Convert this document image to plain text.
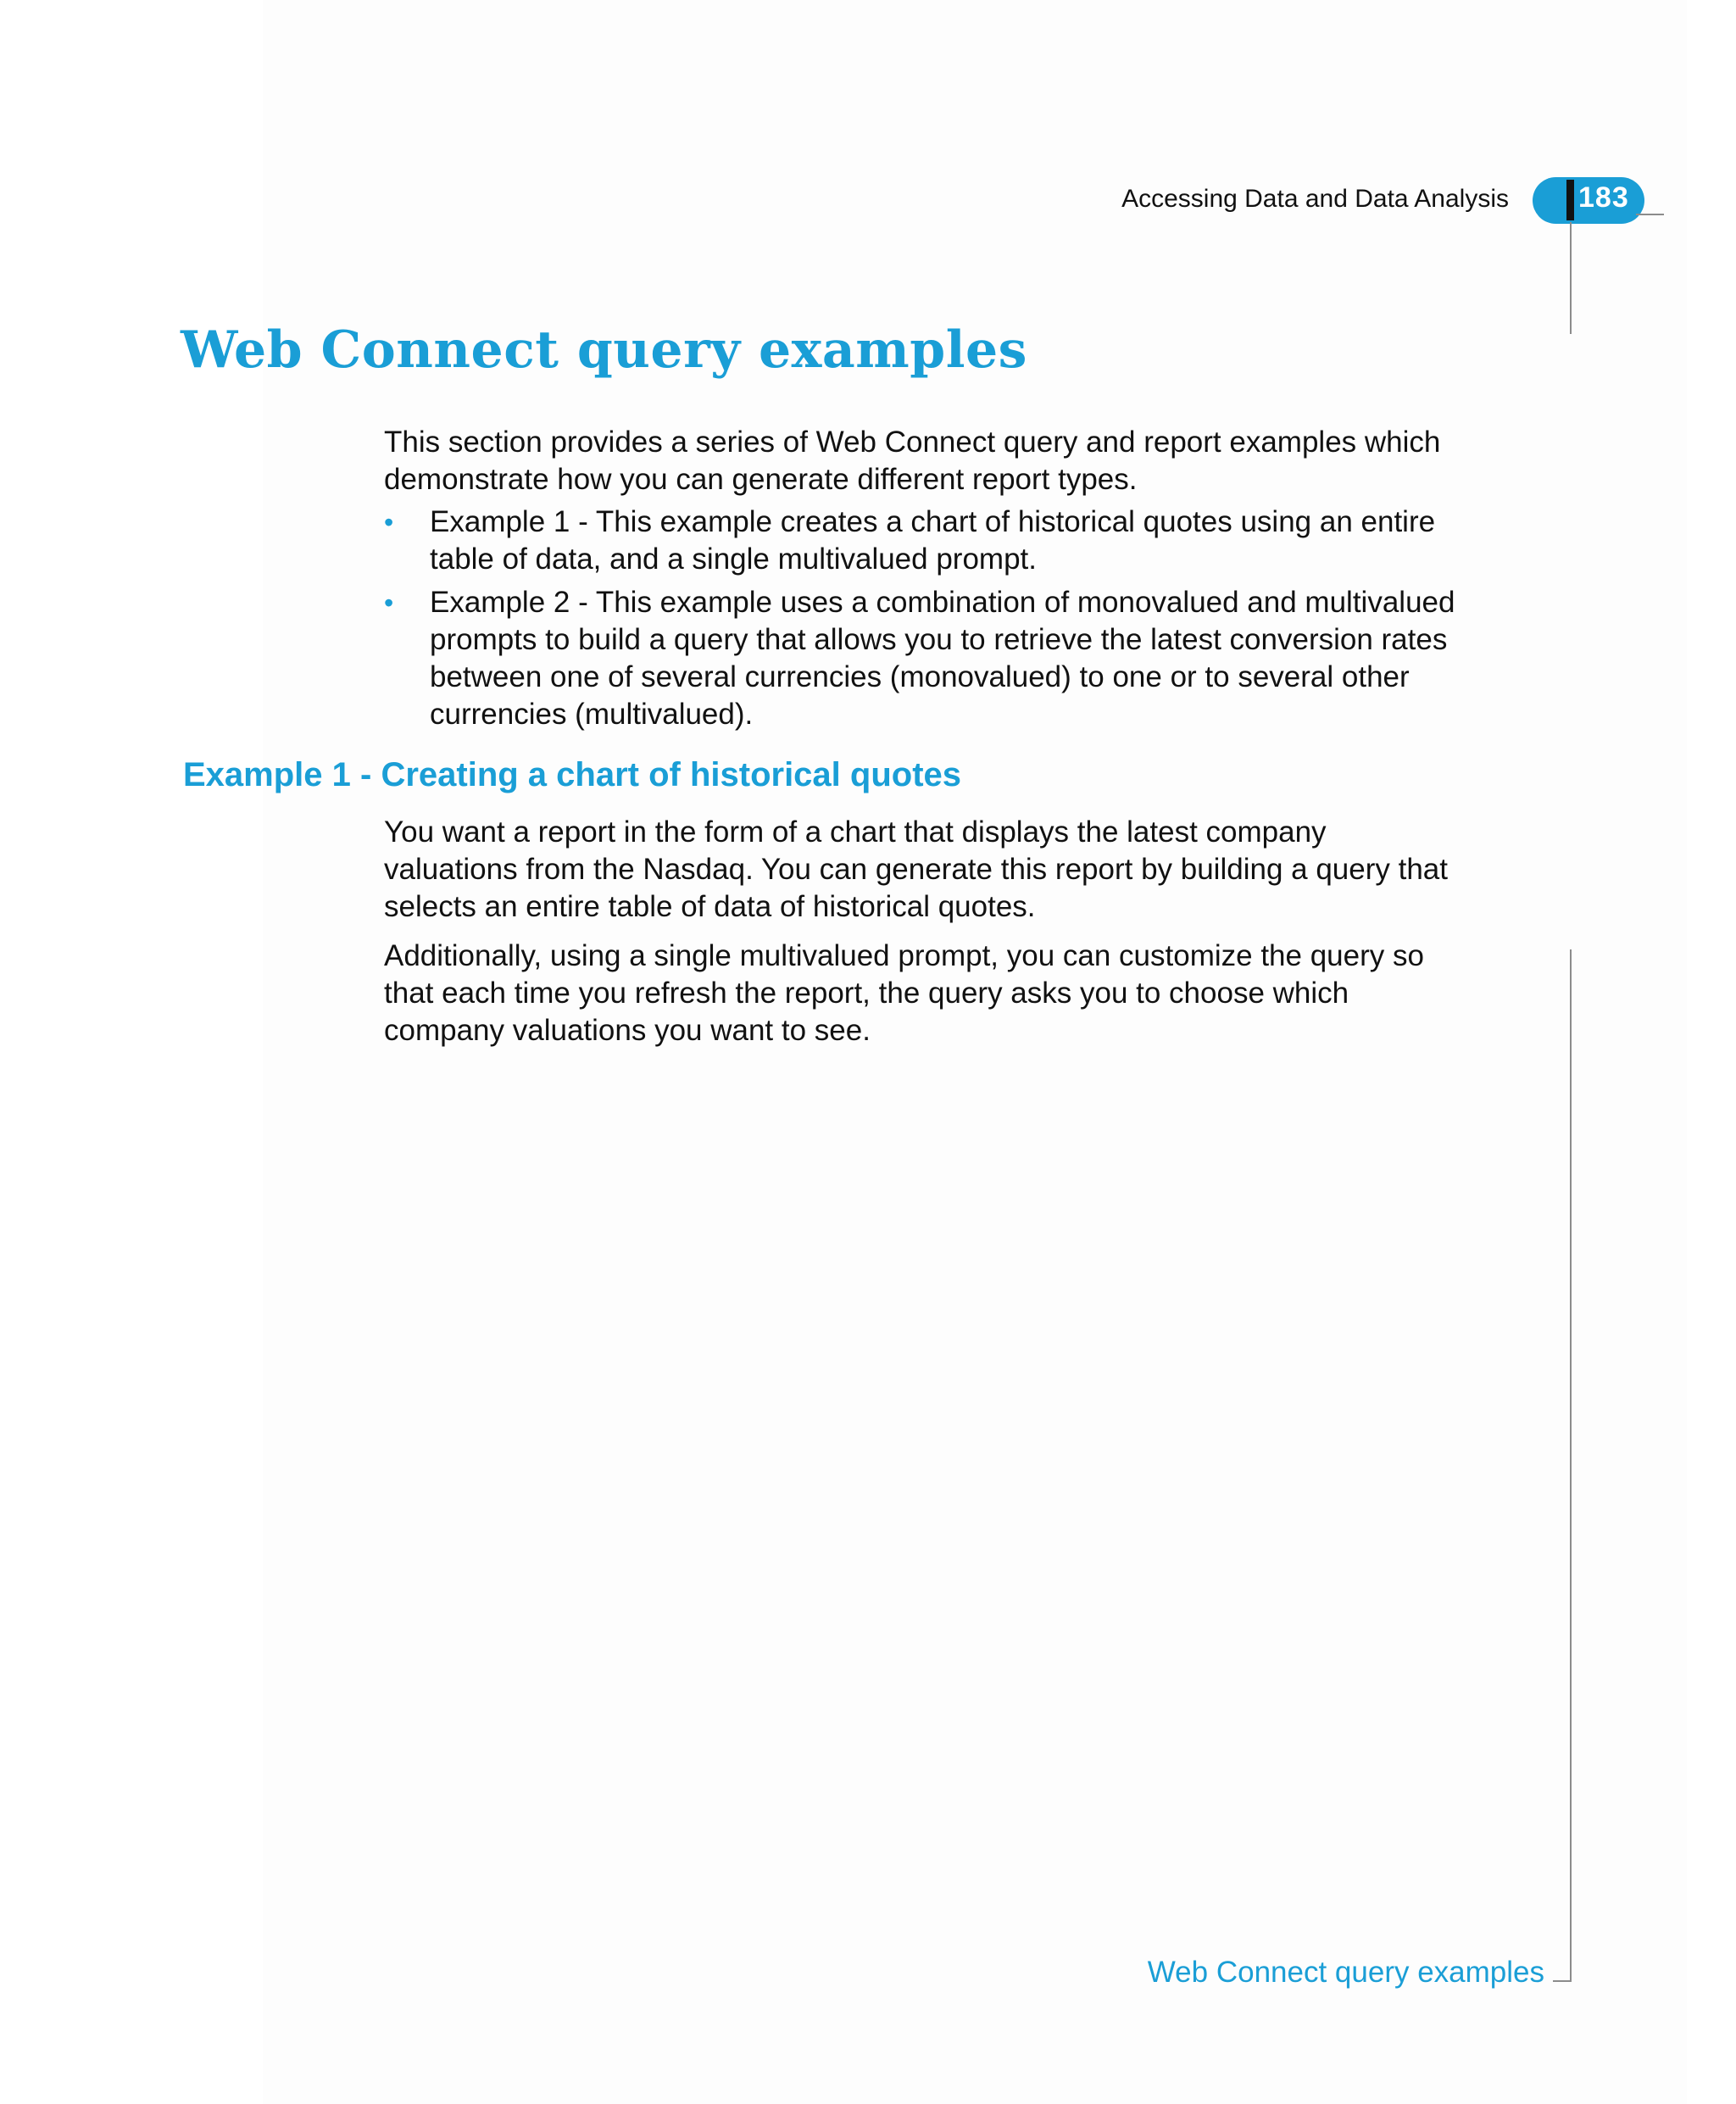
Accessing Data and Data Analysis 183
Web Connect query examples

This section provides a series of Web Connect query and report examples which demonstrate how you can generate different report types.

• Example 1 - This example creates a chart of historical quotes using an entire table of data, and a single multivalued prompt.
• Example 2 - This example uses a combination of monovalued and multivalued prompts to build a query that allows you to retrieve the latest conversion rates between one of several currencies (monovalued) to one or to several other currencies (multivalued).
Example 1 - Creating a chart of historical quotes

You want a report in the form of a chart that displays the latest company valuations from the Nasdaq. You can generate this report by building a query that selects an entire table of data of historical quotes.

Additionally, using a single multivalued prompt, you can customize the query so that each time you refresh the report, the query asks you to choose which company valuations you want to see.

Web Connect query examples
